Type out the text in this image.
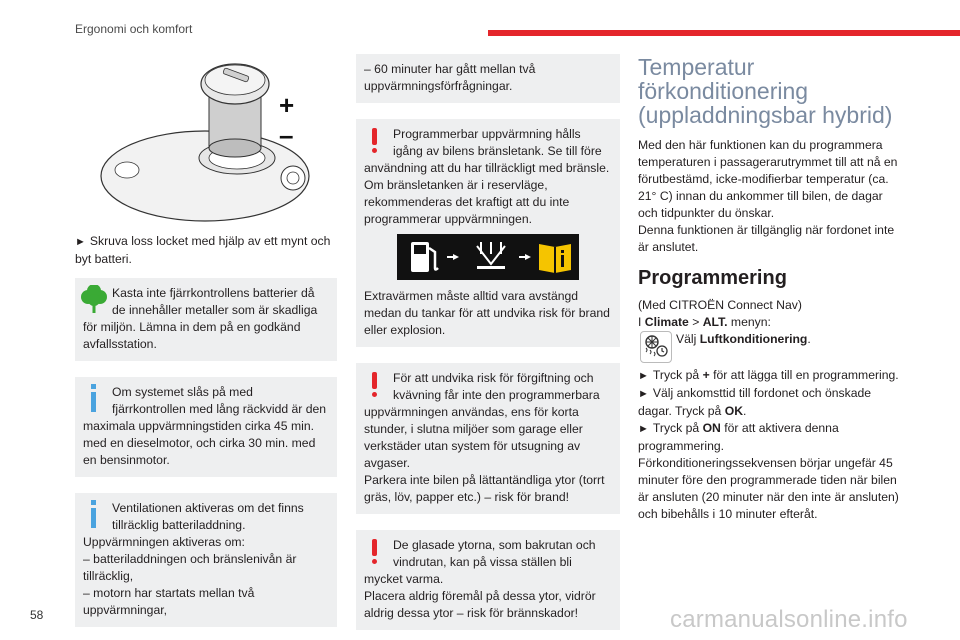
Ergonomi och komfort
+
–

► Skruva loss locket med hjälp av ett mynt och byt batteri.

Kasta inte fjärrkontrollens batterier då de innehåller metaller som är skadliga för miljön. Lämna in dem på en godkänd avfallsstation.
Om systemet slås på med fjärrkontrollen med lång räckvidd är den maximala uppvärmningstiden cirka 45 min. med en dieselmotor, och cirka 30 min. med en bensinmotor.
Ventilationen aktiveras om det finns tillräcklig batteriladdning.
Uppvärmningen aktiveras om:
– batteriladdningen och bränslenivån är tillräcklig,
– motorn har startats mellan två uppvärmningar,
– 60 minuter har gått mellan två uppvärmningsförfrågningar.
Programmerbar uppvärmning hålls igång av bilens bränsletank. Se till före användning att du har tillräckligt med bränsle. Om bränsletanken är i reservläge, rekommenderas det kraftigt att du inte programmerar uppvärmningen.
Extravärmen måste alltid vara avstängd medan du tankar för att undvika risk för brand eller explosion.
För att undvika risk för förgiftning och kvävning får inte den programmerbara uppvärmningen användas, ens för korta stunder, i slutna miljöer som garage eller verkstäder utan system för utsugning av avgaser.
Parkera inte bilen på lättantändliga ytor (torrt gräs, löv, papper etc.) – risk för brand!
De glasade ytorna, som bakrutan och vindrutan, kan på vissa ställen bli mycket varma.
Placera aldrig föremål på dessa ytor, vidrör aldrig dessa ytor – risk för brännskador!
Temperatur förkonditionering (uppladdningsbar hybrid)

Med den här funktionen kan du programmera temperaturen i passagerarutrymmet till att nå en förutbestämd, icke-modifierbar temperatur (ca. 21° C) innan du ankommer till bilen, de dagar och tidpunkter du önskar.

Denna funktionen är tillgänglig när fordonet inte är anslutet.

Programmering

(Med CITROËN Connect Nav)

I Climate > ALT. menyn:

Välj Luftkonditionering.

► Tryck på + för att lägga till en programmering.

► Välj ankomsttid till fordonet och önskade dagar. Tryck på OK.

► Tryck på ON för att aktivera denna programmering.

Förkonditioneringssekvensen börjar ungefär 45 minuter före den programmerade tiden när bilen är ansluten (20 minuter när den inte är ansluten) och bibehålls i 10 minuter efteråt.

58	carmanualsonline.info
